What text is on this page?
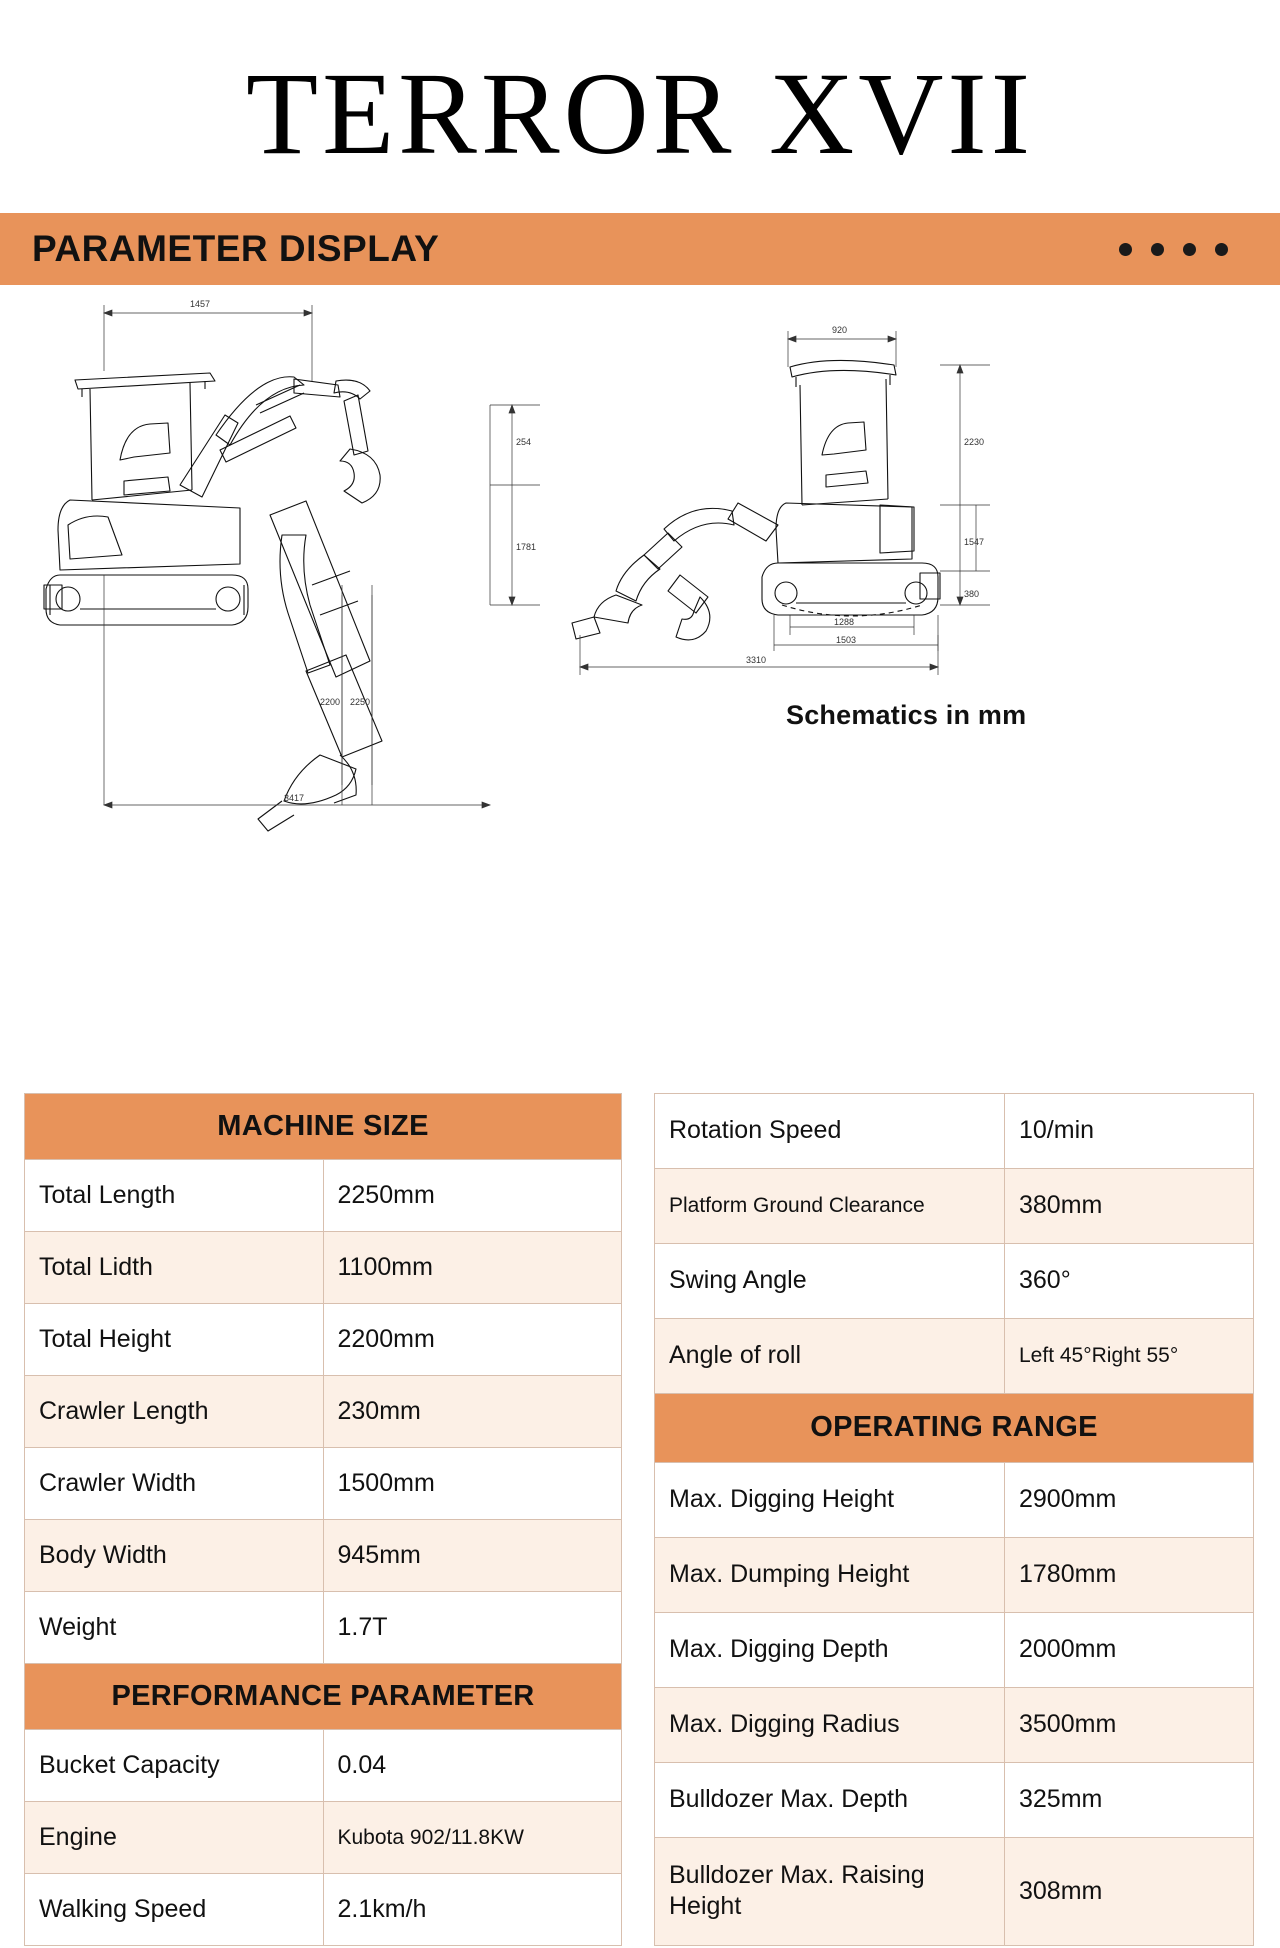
TERROR XVII
PARAMETER DISPLAY
1457
254
1781
2200 2250
3417
920
2230
1547
380
1288
1503
3310
Schematics in mm
MACHINE SIZE	
Total Length	2250mm
Total Lidth	1100mm
Total Height	2200mm
Crawler Length	230mm
Crawler Width	1500mm
Body Width	945mm
Weight	1.7T
PERFORMANCE PARAMETER	
Bucket Capacity	0.04
Engine	Kubota 902/11.8KW
Walking Speed	2.1km/h
Rotation Speed	10/min
Platform Ground Clearance	380mm
Swing Angle	360°
Angle of roll	Left 45°Right 55°
OPERATING RANGE	
Max. Digging Height	2900mm
Max. Dumping Height	1780mm
Max. Digging Depth	2000mm
Max. Digging Radius	3500mm
Bulldozer Max. Depth	325mm
Bulldozer Max. Raising Height	308mm
